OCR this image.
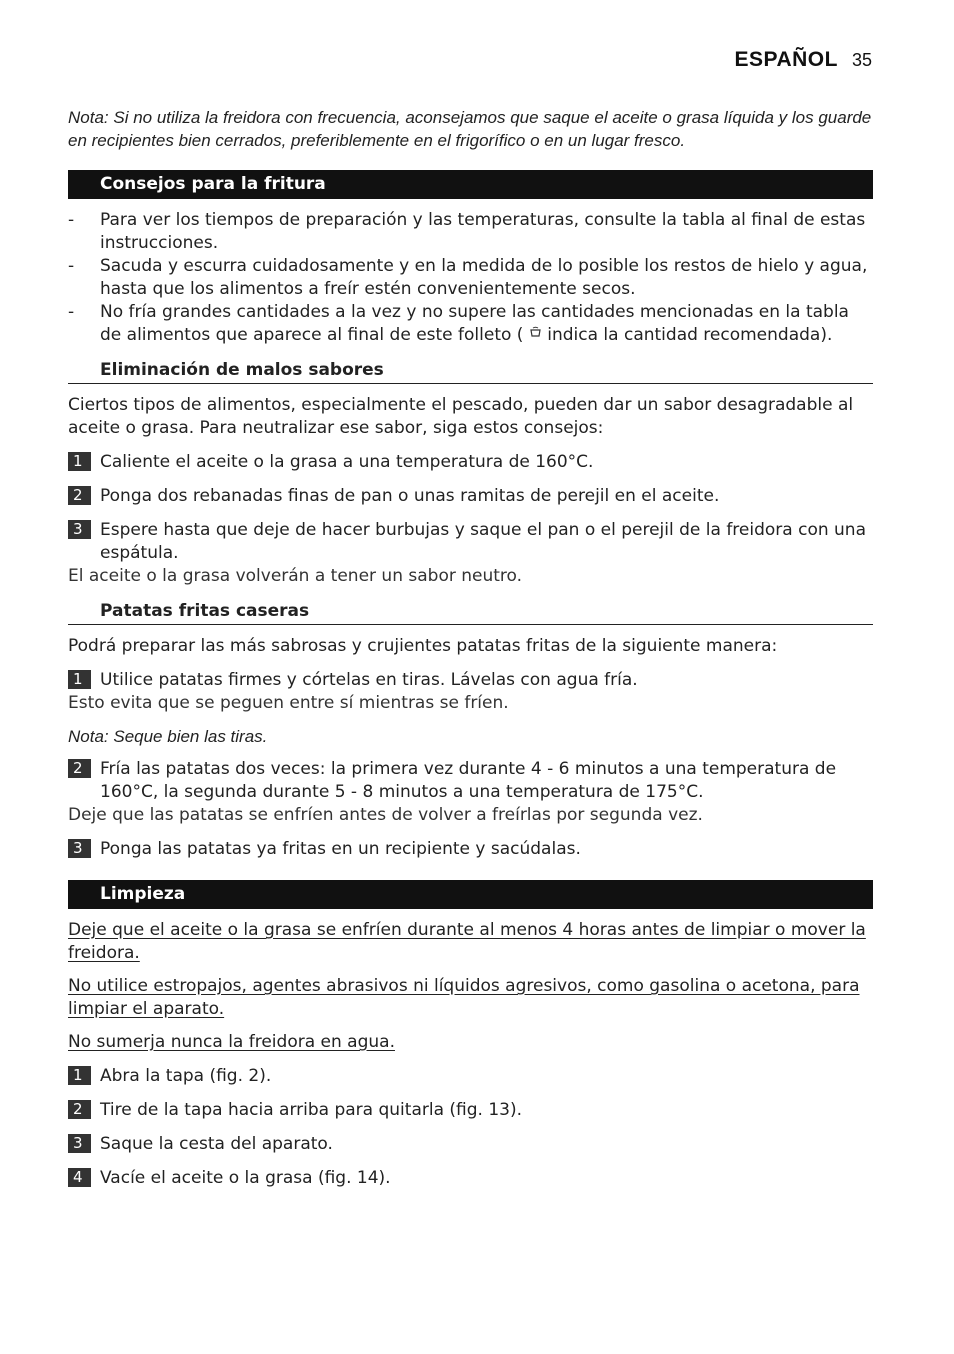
ESPAÑOL 35

Nota: Si no utiliza la freidora con frecuencia, aconsejamos que saque el aceite o grasa líquida y los guarde en recipientes bien cerrados, preferiblemente en el frigorífico o en un lugar fresco.

Consejos para la fritura
- Para ver los tiempos de preparación y las temperaturas, consulte la tabla al final de estas instrucciones.
- Sacuda y escurra cuidadosamente y en la medida de lo posible los restos de hielo y agua, hasta que los alimentos a freír estén convenientemente secos.
- No fría grandes cantidades a la vez y no supere las cantidades mencionadas en la tabla de alimentos que aparece al final de este folleto (  indica la cantidad recomendada).
Eliminación de malos sabores

Ciertos tipos de alimentos, especialmente el pescado, pueden dar un sabor desagradable al aceite o grasa. Para neutralizar ese sabor, siga estos consejos:

1	Caliente el aceite o la grasa a una temperatura de 160°C.
2	Ponga dos rebanadas finas de pan o unas ramitas de perejil en el aceite.
3	Espere hasta que deje de hacer burbujas y saque el pan o el perejil de la freidora con una espátula.

El aceite o la grasa volverán a tener un sabor neutro.

Patatas fritas caseras

Podrá preparar las más sabrosas y crujientes patatas fritas de la siguiente manera:

1	Utilice patatas firmes y córtelas en tiras. Lávelas con agua fría.

Esto evita que se peguen entre sí mientras se fríen.

Nota: Seque bien las tiras.

2	Fría las patatas dos veces: la primera vez durante 4 - 6 minutos a una temperatura de 160°C, la segunda durante 5 - 8 minutos a una temperatura de 175°C.

Deje que las patatas se enfríen antes de volver a freírlas por segunda vez.

3	Ponga las patatas ya fritas en un recipiente y sacúdalas.
Limpieza
Deje que el aceite o la grasa se enfríen durante al menos 4 horas antes de limpiar o mover la freidora.
No utilice estropajos, agentes abrasivos ni líquidos agresivos, como gasolina o acetona, para limpiar el aparato.
No sumerja nunca la freidora en agua.
1	Abra la tapa (fig. 2).
2	Tire de la tapa hacia arriba para quitarla (fig. 13).
3	Saque la cesta del aparato.
4	Vacíe el aceite o la grasa (fig. 14).
